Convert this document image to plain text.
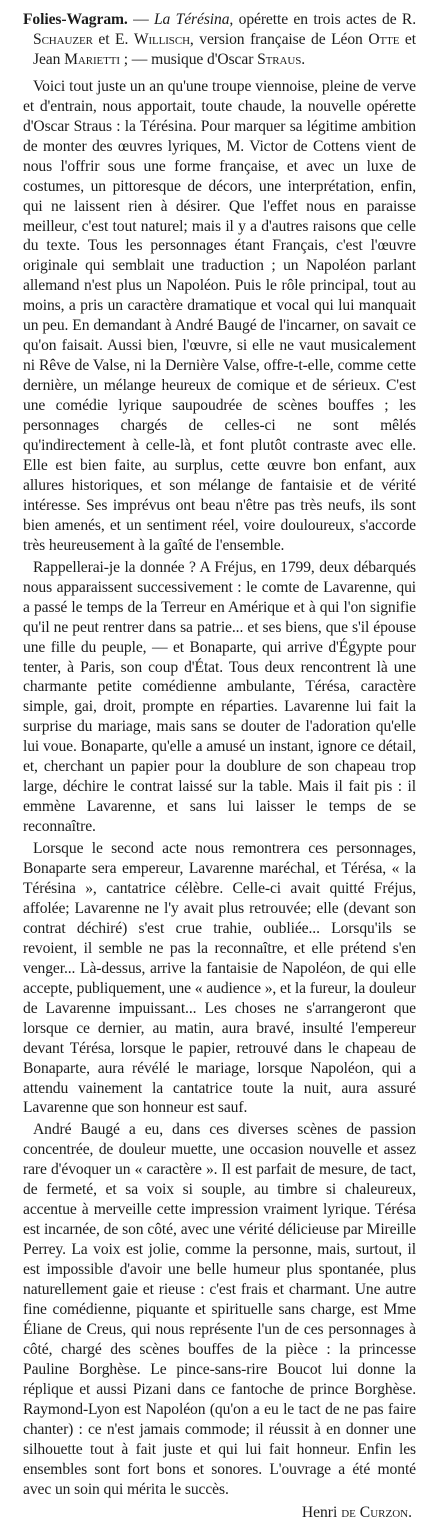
Folies-Wagram. — La Térésina, opérette en trois actes de R. Schauzer et E. Willisch, version française de Léon Otte et Jean Marietti ; — musique d'Oscar Straus.

Voici tout juste un an qu'une troupe viennoise, pleine de verve et d'entrain, nous apportait, toute chaude, la nouvelle opérette d'Oscar Straus : la Térésina. Pour marquer sa légitime ambition de monter des œuvres lyriques, M. Victor de Cottens vient de nous l'offrir sous une forme française, et avec un luxe de costumes, un pittoresque de décors, une interprétation, enfin, qui ne laissent rien à désirer. Que l'effet nous en paraisse meilleur, c'est tout naturel; mais il y a d'autres raisons que celle du texte. Tous les personnages étant Français, c'est l'œuvre originale qui semblait une traduction ; un Napoléon parlant allemand n'est plus un Napoléon. Puis le rôle principal, tout au moins, a pris un caractère dramatique et vocal qui lui manquait un peu. En demandant à André Baugé de l'incarner, on savait ce qu'on faisait. Aussi bien, l'œuvre, si elle ne vaut musicalement ni Rêve de Valse, ni la Dernière Valse, offre-t-elle, comme cette dernière, un mélange heureux de comique et de sérieux. C'est une comédie lyrique saupoudrée de scènes bouffes ; les personnages chargés de celles-ci ne sont mêlés qu'indirectement à celle-là, et font plutôt contraste avec elle. Elle est bien faite, au surplus, cette œuvre bon enfant, aux allures historiques, et son mélange de fantaisie et de vérité intéresse. Ses imprévus ont beau n'être pas très neufs, ils sont bien amenés, et un sentiment réel, voire douloureux, s'accorde très heureusement à la gaîté de l'ensemble.

Rappellerai-je la donnée ? A Fréjus, en 1799, deux débarqués nous apparaissent successivement : le comte de Lavarenne, qui a passé le temps de la Terreur en Amérique et à qui l'on signifie qu'il ne peut rentrer dans sa patrie... et ses biens, que s'il épouse une fille du peuple, — et Bonaparte, qui arrive d'Égypte pour tenter, à Paris, son coup d'État. Tous deux rencontrent là une charmante petite comédienne ambulante, Térésa, caractère simple, gai, droit, prompte en réparties. Lavarenne lui fait la surprise du mariage, mais sans se douter de l'adoration qu'elle lui voue. Bonaparte, qu'elle a amusé un instant, ignore ce détail, et, cherchant un papier pour la doublure de son chapeau trop large, déchire le contrat laissé sur la table. Mais il fait pis : il emmène Lavarenne, et sans lui laisser le temps de se reconnaître.

Lorsque le second acte nous remontrera ces personnages, Bonaparte sera empereur, Lavarenne maréchal, et Térésa, « la Térésina », cantatrice célèbre. Celle-ci avait quitté Fréjus, affolée; Lavarenne ne l'y avait plus retrouvée; elle (devant son contrat déchiré) s'est crue trahie, oubliée... Lorsqu'ils se revoient, il semble ne pas la reconnaître, et elle prétend s'en venger... Là-dessus, arrive la fantaisie de Napoléon, de qui elle accepte, publiquement, une « audience », et la fureur, la douleur de Lavarenne impuissant... Les choses ne s'arrangeront que lorsque ce dernier, au matin, aura bravé, insulté l'empereur devant Térésa, lorsque le papier, retrouvé dans le chapeau de Bonaparte, aura révélé le mariage, lorsque Napoléon, qui a attendu vainement la cantatrice toute la nuit, aura assuré Lavarenne que son honneur est sauf.

André Baugé a eu, dans ces diverses scènes de passion concentrée, de douleur muette, une occasion nouvelle et assez rare d'évoquer un « caractère ». Il est parfait de mesure, de tact, de fermeté, et sa voix si souple, au timbre si chaleureux, accentue à merveille cette impression vraiment lyrique. Térésa est incarnée, de son côté, avec une vérité délicieuse par Mireille Perrey. La voix est jolie, comme la personne, mais, surtout, il est impossible d'avoir une belle humeur plus spontanée, plus naturellement gaie et rieuse : c'est frais et charmant. Une autre fine comédienne, piquante et spirituelle sans charge, est Mme Éliane de Creus, qui nous représente l'un de ces personnages à côté, chargé des scènes bouffes de la pièce : la princesse Pauline Borghèse. Le pince-sans-rire Boucot lui donne la réplique et aussi Pizani dans ce fantoche de prince Borghèse. Raymond-Lyon est Napoléon (qu'on a eu le tact de ne pas faire chanter) : ce n'est jamais commode; il réussit à en donner une silhouette tout à fait juste et qui lui fait honneur. Enfin les ensembles sont fort bons et sonores. L'ouvrage a été monté avec un soin qui mérita le succès.

Henri de Curzon.
